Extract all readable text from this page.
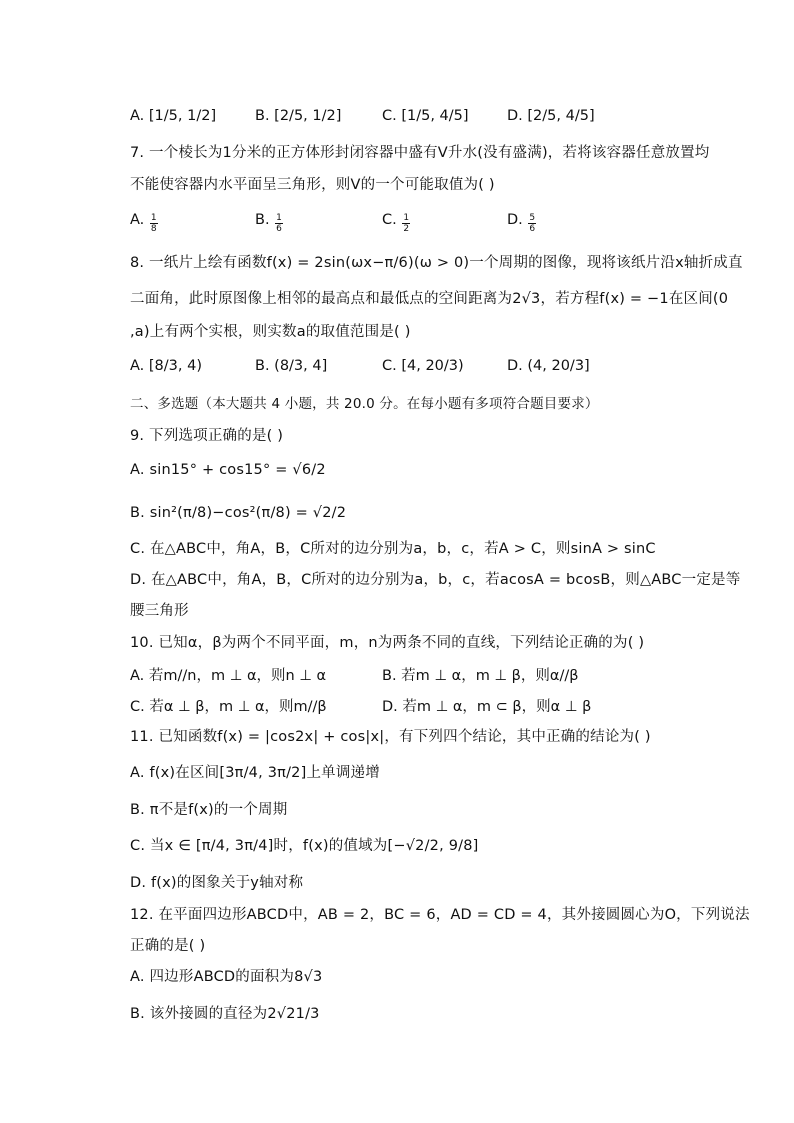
A. [1/5, 1/2]	B. [2/5, 1/2]	C. [1/5, 4/5]	D. [2/5, 4/5]
7. 一个棱长为1分米的正方体形封闭容器中盛有V升水(没有盛满)，若将该容器任意放置均
不能使容器内水平面呈三角形，则V的一个可能取值为( )
A. $\frac{1}{8}$	B. $\frac{1}{6}$	C. $\frac{1}{2}$	D. $\frac{5}{6}$
8. 一纸片上绘有函数f(x) = 2sin(ωx−π/6)(ω > 0)一个周期的图像，现将该纸片沿x轴折成直
二面角，此时原图像上相邻的最高点和最低点的空间距离为2√3，若方程f(x) = −1在区间(0
,a)上有两个实根，则实数a的取值范围是( )
A. [8/3, 4)	B. (8/3, 4]	C. [4, 20/3)	D. (4, 20/3]
二、多选题（本大题共 4 小题，共 20.0 分。在每小题有多项符合题目要求）
9. 下列选项正确的是( )
A. sin15° + cos15° = √6/2
B. sin²(π/8)−cos²(π/8) = √2/2
C. 在△ABC中，角A，B，C所对的边分别为a，b，c，若A > C，则sinA > sinC
D. 在△ABC中，角A，B，C所对的边分别为a，b，c，若acosA = bcosB，则△ABC一定是等
腰三角形
10. 已知α，β为两个不同平面，m，n为两条不同的直线，下列结论正确的为( )
A. 若m//n，m ⊥ α，则n ⊥ α	B. 若m ⊥ α，m ⊥ β，则α//β
C. 若α ⊥ β，m ⊥ α，则m//β	D. 若m ⊥ α，m ⊂ β，则α ⊥ β
11. 已知函数f(x) = |cos2x| + cos|x|，有下列四个结论，其中正确的结论为( )
A. f(x)在区间[3π/4, 3π/2]上单调递增
B. π不是f(x)的一个周期
C. 当x ∈ [π/4, 3π/4]时，f(x)的值域为[−√2/2, 9/8]
D. f(x)的图象关于y轴对称
12. 在平面四边形ABCD中，AB = 2，BC = 6，AD = CD = 4，其外接圆圆心为O，下列说法
正确的是( )
A. 四边形ABCD的面积为8√3
B. 该外接圆的直径为2√21/3
